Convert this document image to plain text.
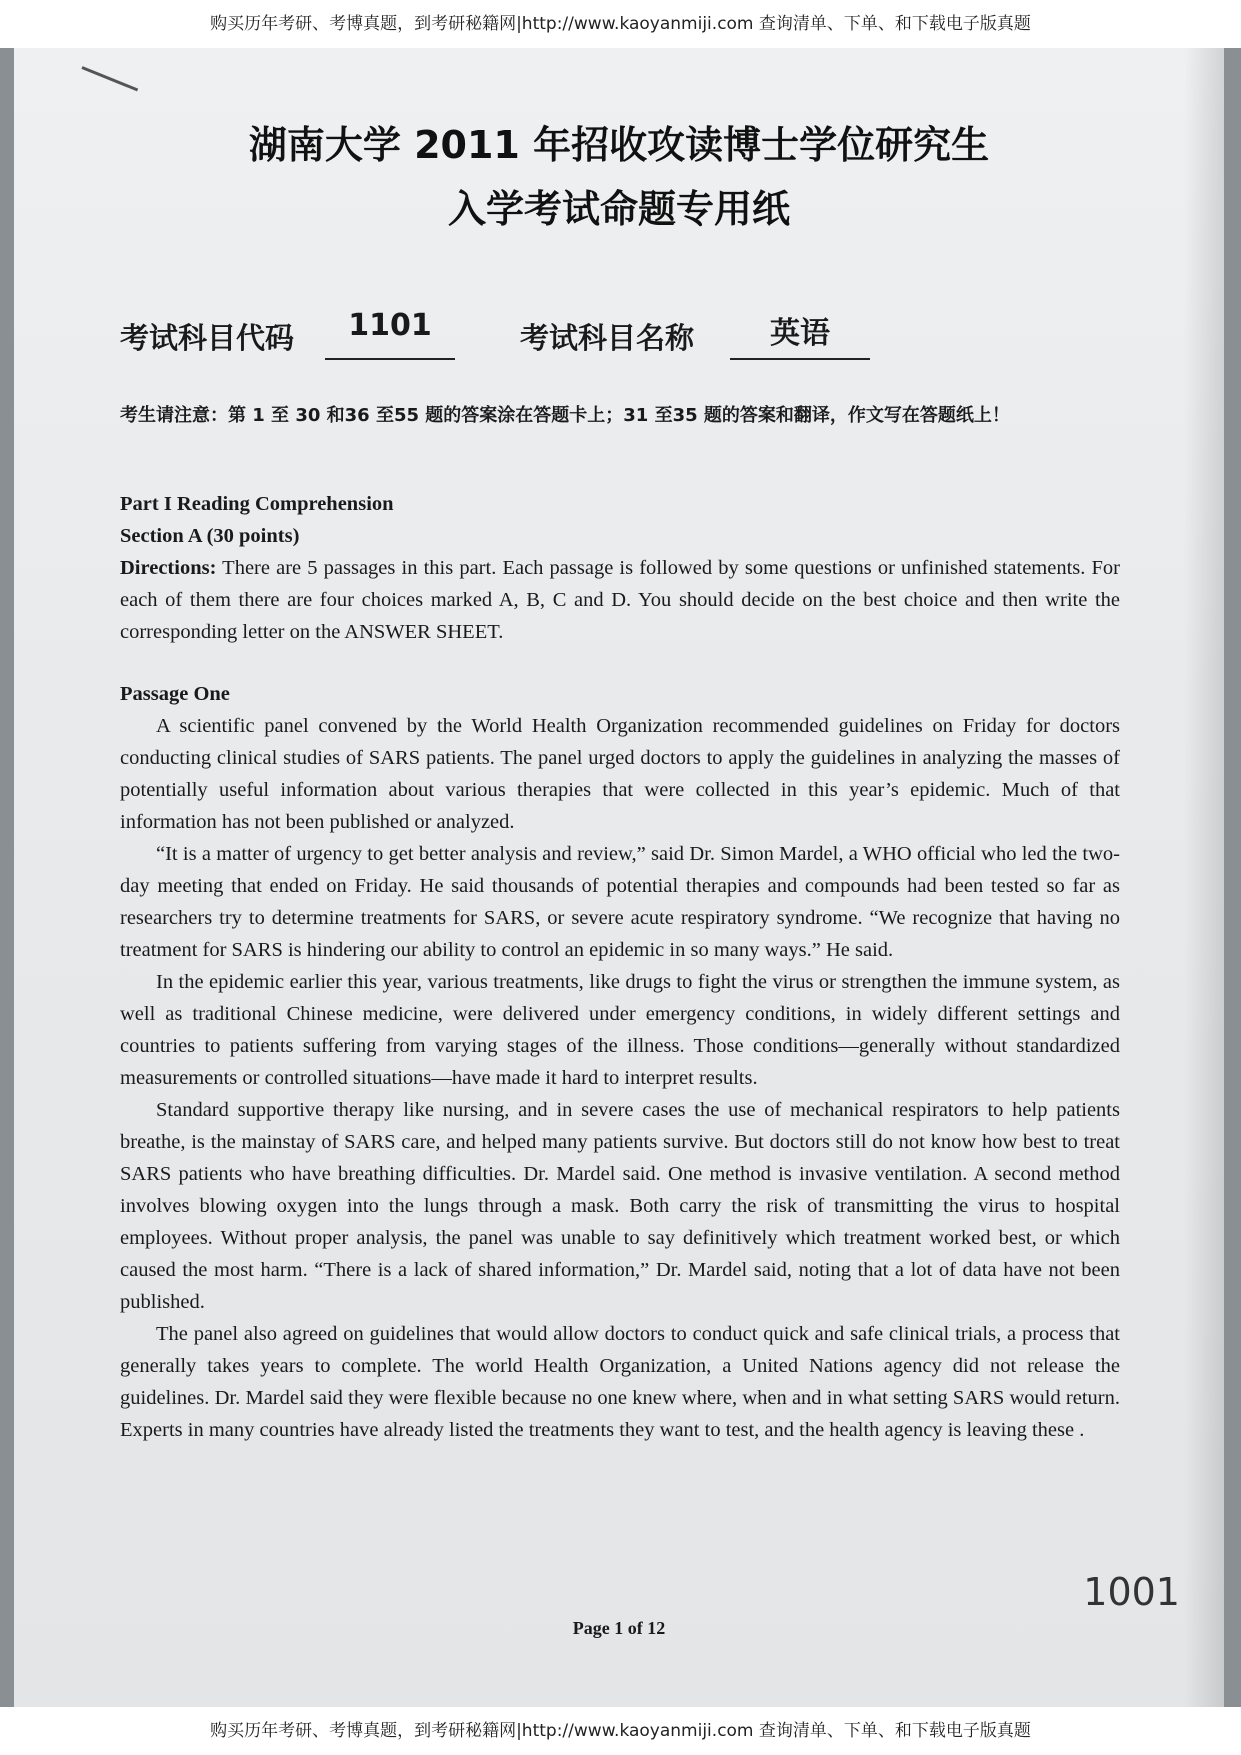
购买历年考研、考博真题，到考研秘籍网|http://www.kaoyanmiji.com 查询清单、下单、和下载电子版真题
湖南大学 2011 年招收攻读博士学位研究生
入学考试命题专用纸
考试科目代码	1101	考试科目名称	英语
考生请注意：第 1 至 30 和36 至55 题的答案涂在答题卡上；31 至35 题的答案和翻译，作文写在答题纸上！
Part I Reading Comprehension
Section A (30 points)
Directions: There are 5 passages in this part. Each passage is followed by some questions or unfinished statements. For each of them there are four choices marked A, B, C and D. You should decide on the best choice and then write the corresponding letter on the ANSWER SHEET.
Passage One

A scientific panel convened by the World Health Organization recommended guidelines on Friday for doctors conducting clinical studies of SARS patients. The panel urged doctors to apply the guidelines in analyzing the masses of potentially useful information about various therapies that were collected in this year’s epidemic. Much of that information has not been published or analyzed.

“It is a matter of urgency to get better analysis and review,” said Dr. Simon Mardel, a WHO official who led the two-day meeting that ended on Friday. He said thousands of potential therapies and compounds had been tested so far as researchers try to determine treatments for SARS, or severe acute respiratory syndrome. “We recognize that having no treatment for SARS is hindering our ability to control an epidemic in so many ways.” He said.

In the epidemic earlier this year, various treatments, like drugs to fight the virus or strengthen the immune system, as well as traditional Chinese medicine, were delivered under emergency conditions, in widely different settings and countries to patients suffering from varying stages of the illness. Those conditions—generally without standardized measurements or controlled situations—have made it hard to interpret results.

Standard supportive therapy like nursing, and in severe cases the use of mechanical respirators to help patients breathe, is the mainstay of SARS care, and helped many patients survive. But doctors still do not know how best to treat SARS patients who have breathing difficulties. Dr. Mardel said. One method is invasive ventilation. A second method involves blowing oxygen into the lungs through a mask. Both carry the risk of transmitting the virus to hospital employees. Without proper analysis, the panel was unable to say definitively which treatment worked best, or which caused the most harm. “There is a lack of shared information,” Dr. Mardel said, noting that a lot of data have not been published.

The panel also agreed on guidelines that would allow doctors to conduct quick and safe clinical trials, a process that generally takes years to complete. The world Health Organization, a United Nations agency did not release the guidelines. Dr. Mardel said they were flexible because no one knew where, when and in what setting SARS would return. Experts in many countries have already listed the treatments they want to test, and the health agency is leaving these .

Page 1 of 12
1001
购买历年考研、考博真题，到考研秘籍网|http://www.kaoyanmiji.com 查询清单、下单、和下载电子版真题
